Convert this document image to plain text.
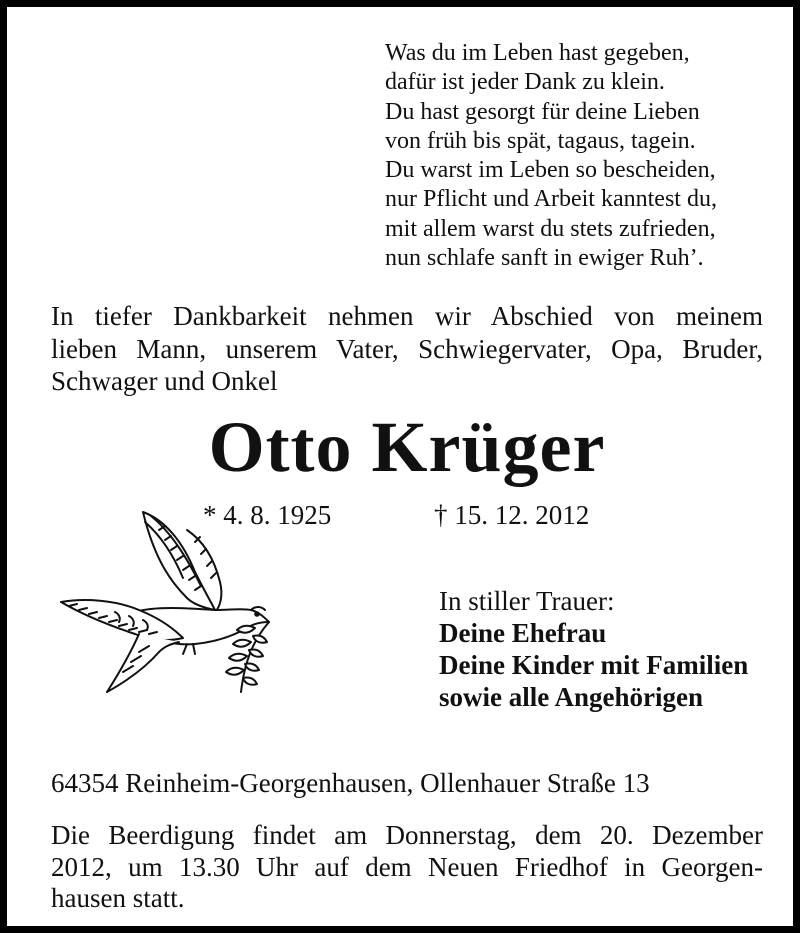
Was du im Leben hast gegeben,
dafür ist jeder Dank zu klein.
Du hast gesorgt für deine Lieben
von früh bis spät, tagaus, tagein.
Du warst im Leben so bescheiden,
nur Pflicht und Arbeit kanntest du,
mit allem warst du stets zufrieden,
nun schlafe sanft in ewiger Ruh’.
In tiefer Dankbarkeit nehmen wir Abschied von meinem
lieben Mann, unserem Vater, Schwiegervater, Opa, Bruder,
Schwager und Onkel
Otto Krüger
* 4. 8. 1925	† 15. 12. 2012
In stiller Trauer:
Deine Ehefrau
Deine Kinder mit Familien
sowie alle Angehörigen
64354 Reinheim-Georgenhausen, Ollenhauer Straße 13
Die Beerdigung findet am Donnerstag, dem 20. Dezember
2012, um 13.30 Uhr auf dem Neuen Friedhof in Georgen-
hausen statt.
